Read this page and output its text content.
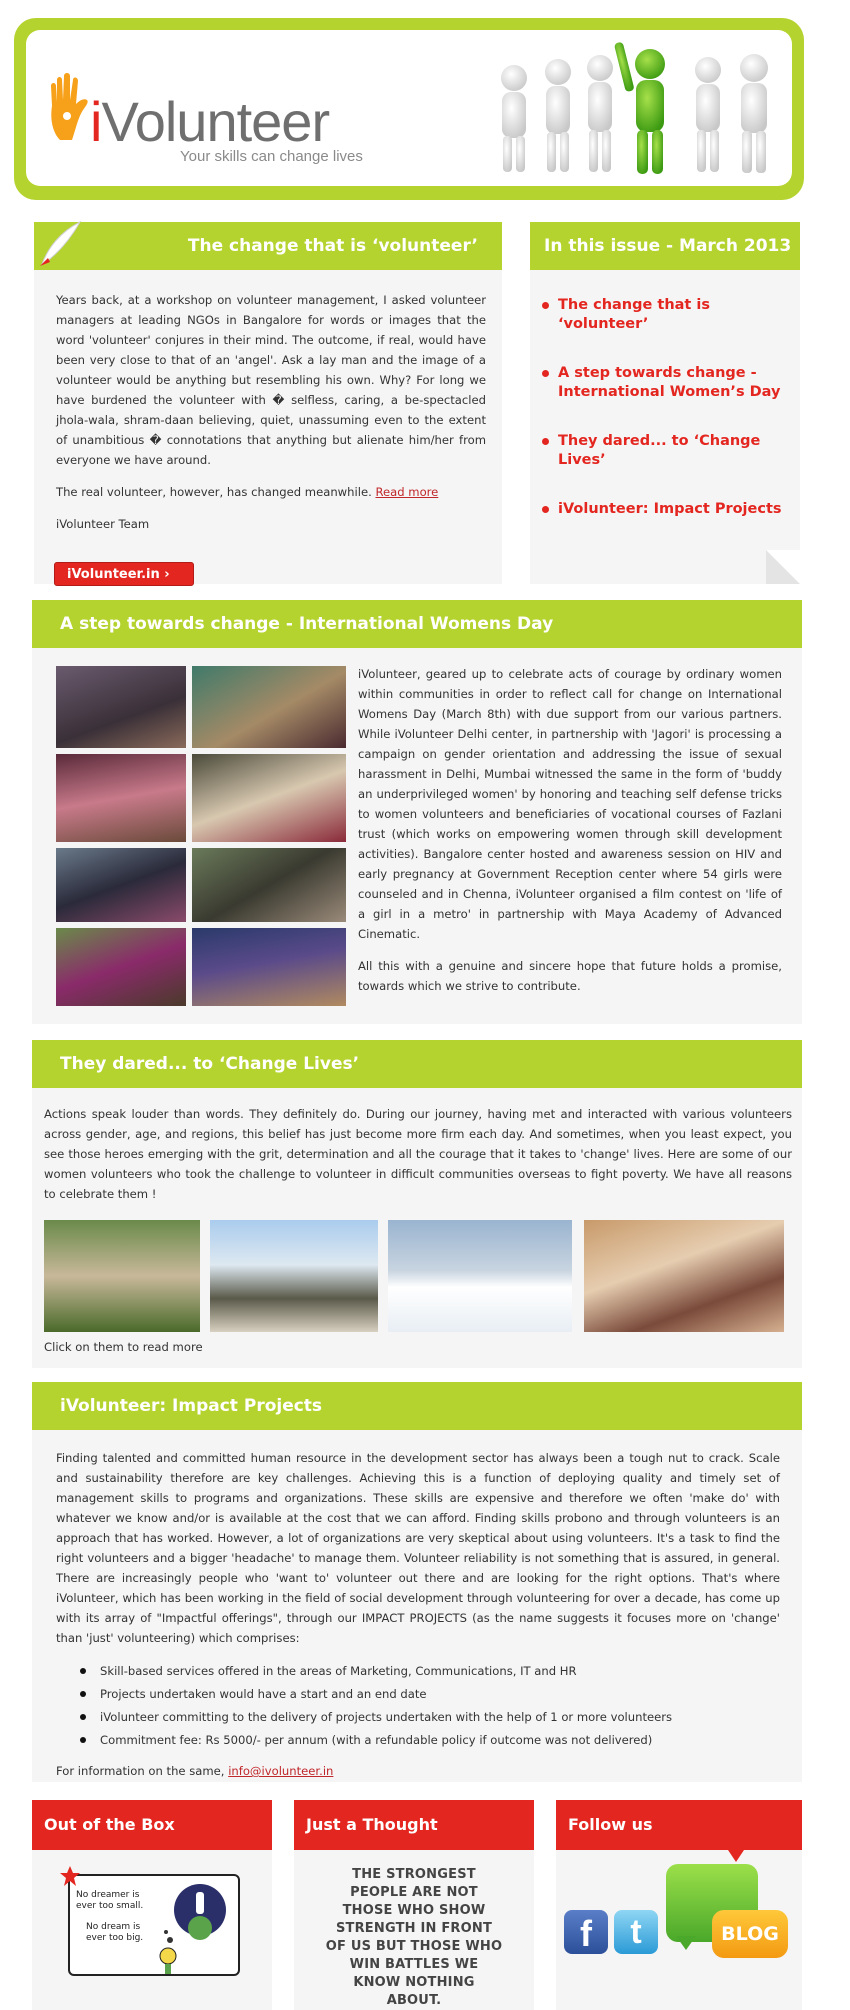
iVolunteer
Your skills can change lives
The change that is ‘volunteer’

Years back, at a workshop on volunteer management, I asked volunteer managers at leading NGOs in Bangalore for words or images that the word 'volunteer' conjures in their mind. The outcome, if real, would have been very close to that of an 'angel'. Ask a lay man and the image of a volunteer would be anything but resembling his own. Why? For long we have burdened the volunteer with � selfless, caring, a be-spectacled jhola-wala, shram-daan believing, quiet, unassuming even to the extent of unambitious � connotations that anything but alienate him/her from everyone we have around.

The real volunteer, however, has changed meanwhile. Read more

iVolunteer Team

iVolunteer.in ›
In this issue - March 2013
The change that is ‘volunteer’
A step towards change - International Women’s Day
They dared... to ‘Change Lives’
iVolunteer: Impact Projects
A step towards change - International Womens Day

iVolunteer, geared up to celebrate acts of courage by ordinary women within communities in order to reflect call for change on International Womens Day (March 8th) with due support from our various partners. While iVolunteer Delhi center, in partnership with 'Jagori' is processing a campaign on gender orientation and addressing the issue of sexual harassment in Delhi, Mumbai witnessed the same in the form of 'buddy an underprivileged women' by honoring and teaching self defense tricks to women volunteers and beneficiaries of vocational courses of Fazlani trust (which works on empowering women through skill development activities). Bangalore center hosted and awareness session on HIV and early pregnancy at Government Reception center where 54 girls were counseled and in Chenna, iVolunteer organised a film contest on 'life of a girl in a metro' in partnership with Maya Academy of Advanced Cinematic.

All this with a genuine and sincere hope that future holds a promise, towards which we strive to contribute.

They dared... to ‘Change Lives’

Actions speak louder than words. They definitely do. During our journey, having met and interacted with various volunteers across gender, age, and regions, this belief has just become more firm each day. And sometimes, when you least expect, you see those heroes emerging with the grit, determination and all the courage that it takes to 'change' lives. Here are some of our women volunteers who took the challenge to volunteer in difficult communities overseas to fight poverty. We have all reasons to celebrate them !

Click on them to read more
iVolunteer: Impact Projects

Finding talented and committed human resource in the development sector has always been a tough nut to crack. Scale and sustainability therefore are key challenges. Achieving this is a function of deploying quality and timely set of management skills to programs and organizations. These skills are expensive and therefore we often 'make do' with whatever we know and/or is available at the cost that we can afford. Finding skills probono and through volunteers is an approach that has worked. However, a lot of organizations are very skeptical about using volunteers. It's a task to find the right volunteers and a bigger 'headache' to manage them. Volunteer reliability is not something that is assured, in general. There are increasingly people who 'want to' volunteer out there and are looking for the right options. That's where iVolunteer, which has been working in the field of social development through volunteering for over a decade, has come up with its array of "Impactful offerings", through our IMPACT PROJECTS (as the name suggests it focuses more on 'change' than 'just' volunteering) which comprises:

Skill-based services offered in the areas of Marketing, Communications, IT and HR
Projects undertaken would have a start and an end date
iVolunteer committing to the delivery of projects undertaken with the help of 1 or more volunteers
Commitment fee: Rs 5000/- per annum (with a refundable policy if outcome was not delivered)

For information on the same, info@ivolunteer.in

Out of the Box
No dreamer is ever too small.
No dream is ever too big.
Just a Thought
THE STRONGEST PEOPLE ARE NOT THOSE WHO SHOW STRENGTH IN FRONT OF US BUT THOSE WHO WIN BATTLES WE KNOW NOTHING ABOUT.
Follow us
f	t	BLOG
